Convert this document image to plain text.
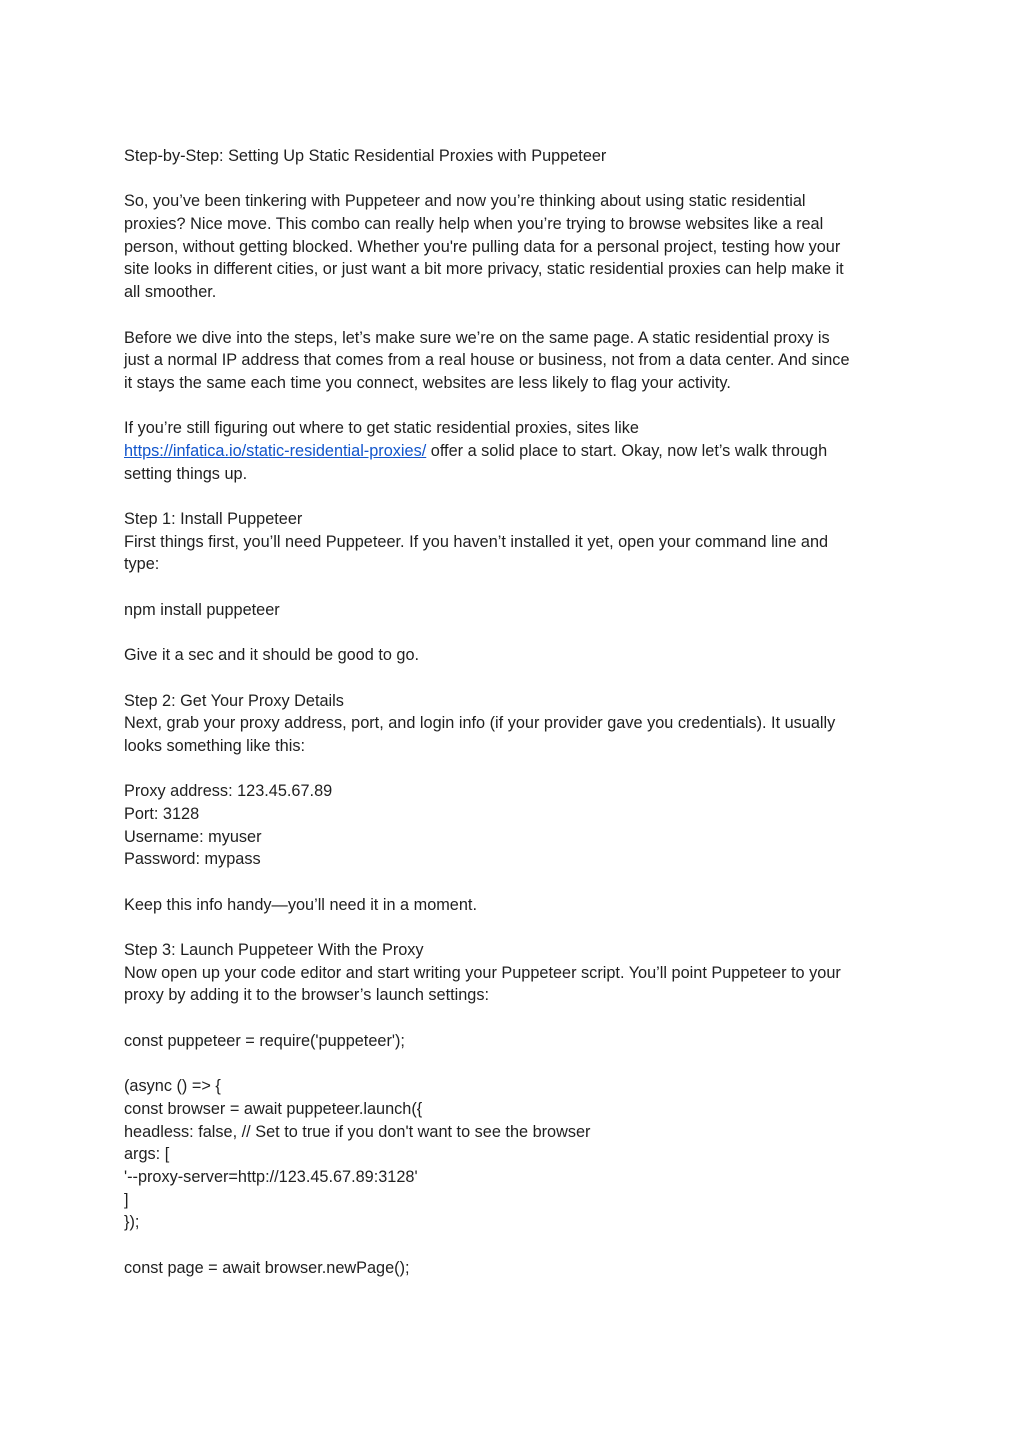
Step-by-Step: Setting Up Static Residential Proxies with Puppeteer
So, you’ve been tinkering with Puppeteer and now you’re thinking about using static residential
proxies? Nice move. This combo can really help when you’re trying to browse websites like a real
person, without getting blocked. Whether you're pulling data for a personal project, testing how your
site looks in different cities, or just want a bit more privacy, static residential proxies can help make it
all smoother.
Before we dive into the steps, let’s make sure we’re on the same page. A static residential proxy is
just a normal IP address that comes from a real house or business, not from a data center. And since
it stays the same each time you connect, websites are less likely to flag your activity.
If you’re still figuring out where to get static residential proxies, sites like
https://infatica.io/static-residential-proxies/ offer a solid place to start. Okay, now let’s walk through
setting things up.
Step 1: Install Puppeteer
First things first, you’ll need Puppeteer. If you haven’t installed it yet, open your command line and
type:
npm install puppeteer
Give it a sec and it should be good to go.
Step 2: Get Your Proxy Details
Next, grab your proxy address, port, and login info (if your provider gave you credentials). It usually
looks something like this:
Proxy address: 123.45.67.89
Port: 3128
Username: myuser
Password: mypass
Keep this info handy—you’ll need it in a moment.
Step 3: Launch Puppeteer With the Proxy
Now open up your code editor and start writing your Puppeteer script. You’ll point Puppeteer to your
proxy by adding it to the browser’s launch settings:
const puppeteer = require('puppeteer');
(async () => {
const browser = await puppeteer.launch({
headless: false, // Set to true if you don't want to see the browser
args: [
'--proxy-server=http://123.45.67.89:3128'
]
});
const page = await browser.newPage();
